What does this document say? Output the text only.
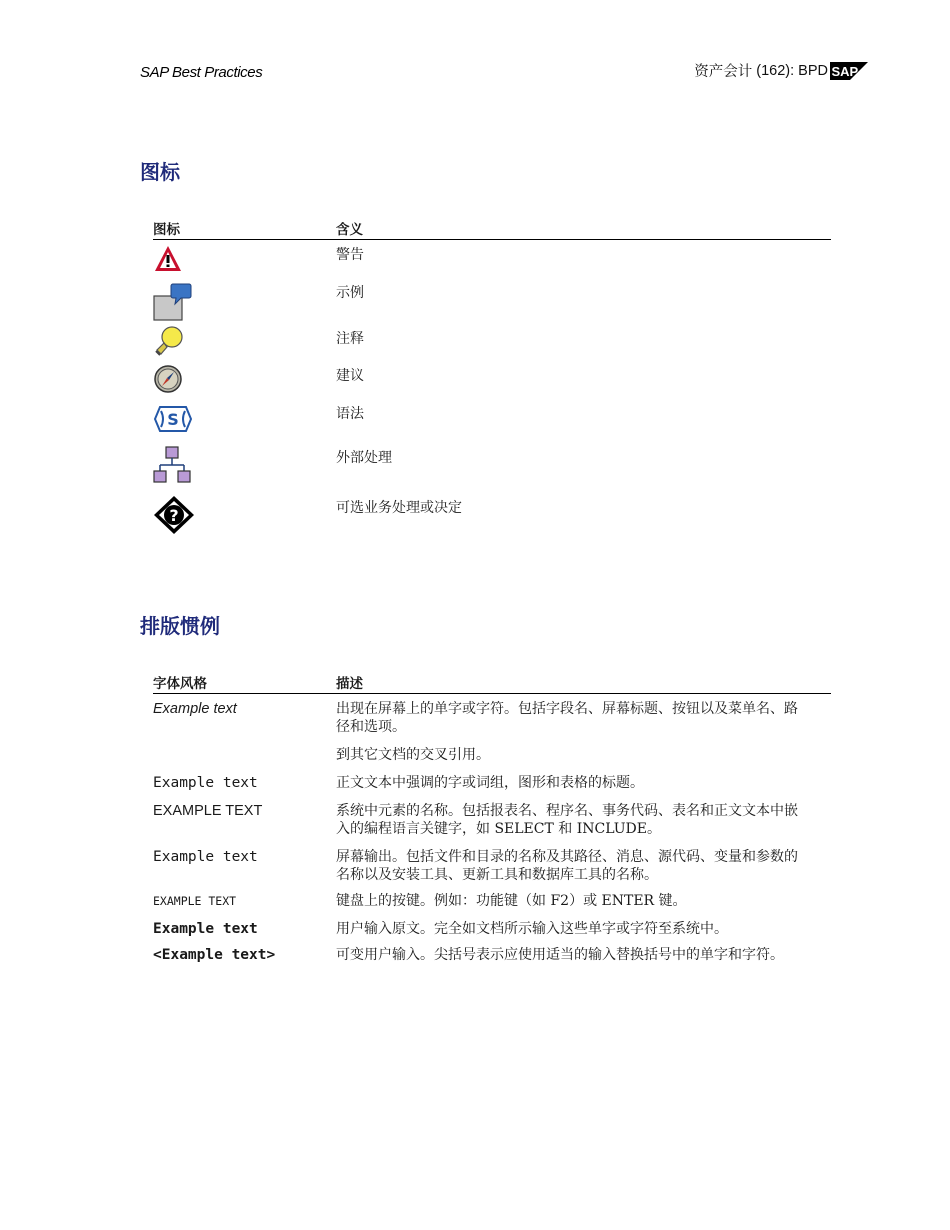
SAP Best Practices	资产会计 (162): BPD SAP
图标
图标	含义
警告
示例
注释
建议
S	语法
外部处理
?	可选业务处理或决定
排版惯例
字体风格	描述
Example text	出现在屏幕上的单字或字符。包括字段名、屏幕标题、按钮以及菜单名、路径和选项。
到其它文档的交叉引用。
Example text	正文文本中强调的字或词组，图形和表格的标题。
EXAMPLE TEXT	系统中元素的名称。包括报表名、程序名、事务代码、表名和正文文本中嵌入的编程语言关键字，如 SELECT 和 INCLUDE。
Example text	屏幕输出。包括文件和目录的名称及其路径、消息、源代码、变量和参数的名称以及安装工具、更新工具和数据库工具的名称。
EXAMPLE TEXT	键盘上的按键。例如：功能键（如 F2）或 ENTER 键。
Example text	用户输入原文。完全如文档所示输入这些单字或字符至系统中。
<Example text>	可变用户输入。尖括号表示应使用适当的输入替换括号中的单字和字符。
